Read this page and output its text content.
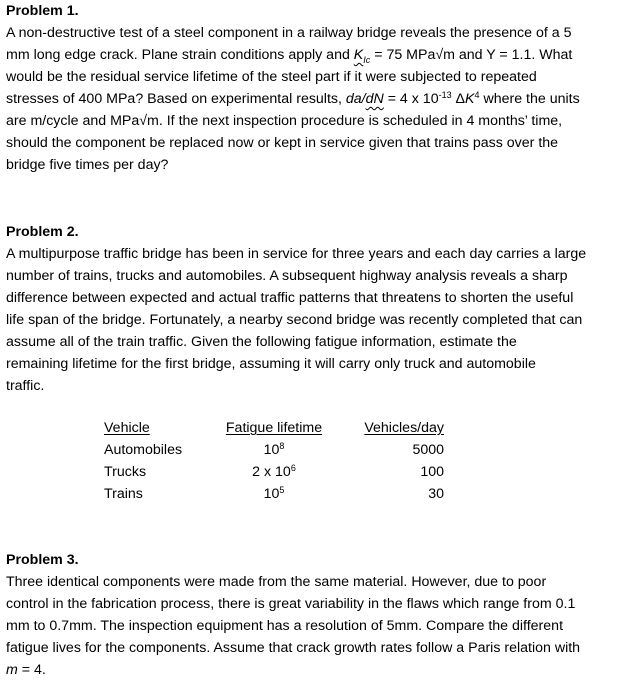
Problem 1.
A non-destructive test of a steel component in a railway bridge reveals the presence of a 5
mm long edge crack. Plane strain conditions apply and $K_{Ic} = 75$ MPa√m and Y = 1.1. What
would be the residual service lifetime of the steel part if it were subjected to repeated
stresses of 400 MPa? Based on experimental results, da/dN = 4 x $10^{-13}$ $\Delta K^4$ where the units
are m/cycle and MPa√m. If the next inspection procedure is scheduled in 4 months’ time,
should the component be replaced now or kept in service given that trains pass over the
bridge five times per day?
Problem 2.
A multipurpose traffic bridge has been in service for three years and each day carries a large
number of trains, trucks and automobiles. A subsequent highway analysis reveals a sharp
difference between expected and actual traffic patterns that threatens to shorten the useful
life span of the bridge. Fortunately, a nearby second bridge was recently completed that can
assume all of the train traffic. Given the following fatigue information, estimate the
remaining lifetime for the first bridge, assuming it will carry only truck and automobile
traffic.
Vehicle	Fatigue lifetime	Vehicles/day
Automobiles	$10^8$	5000
Trucks	2 x $10^6$	100
Trains	$10^5$	30
Problem 3.
Three identical components were made from the same material. However, due to poor
control in the fabrication process, there is great variability in the flaws which range from 0.1
mm to 0.7mm. The inspection equipment has a resolution of 5mm. Compare the different
fatigue lives for the components. Assume that crack growth rates follow a Paris relation with
m = 4.
